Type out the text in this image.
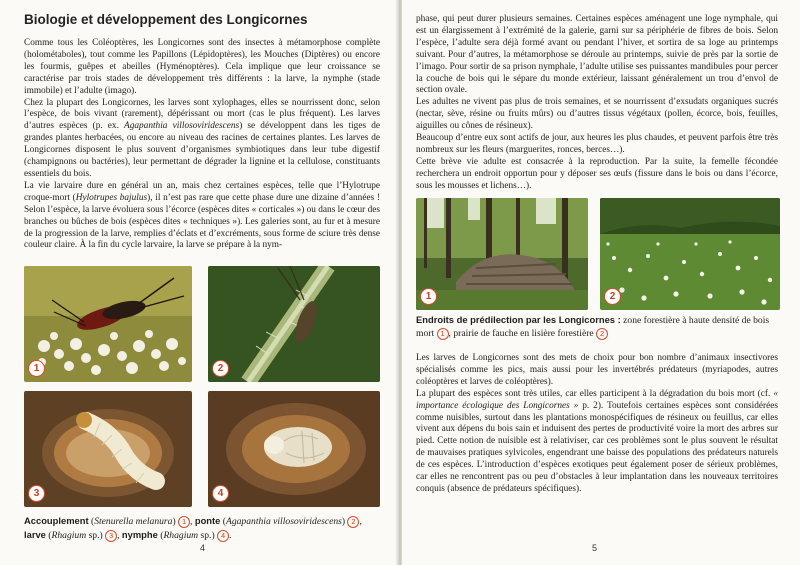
Biologie et développement des Longicornes

Comme tous les Coléoptères, les Longicornes sont des insectes à métamorphose complète (holométaboles), tout comme les Papillons (Lépidoptères), les Mouches (Diptères) ou encore les fourmis, guêpes et abeilles (Hyménoptères). Cela implique que leur croissance se caractérise par trois stades de développement très différents : la larve, la nymphe (stade immobile) et l’adulte (imago).

Chez la plupart des Longicornes, les larves sont xylophages, elles se nourrissent donc, selon l’espèce, de bois vivant (rarement), dépérissant ou mort (cas le plus fréquent). Les larves d’autres espèces (p. ex. Agapanthia villosoviridescens) se développent dans les tiges de grandes plantes herbacées, ou encore au niveau des racines de certaines plantes. Les larves de Longicornes disposent le plus souvent d’organismes symbiotiques dans leur tube digestif (champignons ou bactéries), leur permettant de dégrader la lignine et la cellulose, constituants essentiels du bois.

La vie larvaire dure en général un an, mais chez certaines espèces, telle que l’Hylotrupe croque-mort (Hylotrupes bajulus), il n’est pas rare que cette phase dure une dizaine d’années ! Selon l’espèce, la larve évoluera sous l’écorce (espèces dites « corticales ») ou dans le cœur des branches ou bûches de bois (espèces dites « techniques »). Les galeries sont, au fur et à mesure de la progression de la larve, remplies d’éclats et d’excréments, sous forme de sciure très dense couleur claire. À la fin du cycle larvaire, la larve se prépare à la nym-

1	2
3	4
Accouplement (Stenurella melanura) 1 , ponte (Agapanthia villosoviridescens) 2 , larve (Rhagium sp.) 3 , nymphe (Rhagium sp.) 4 .
4

phase, qui peut durer plusieurs semaines. Certaines espèces aménagent une loge nymphale, qui est un élargissement à l’extrémité de la galerie, garni sur sa périphérie de fibres de bois. Selon l’espèce, l’adulte sera déjà formé avant ou pendant l’hiver, et sortira de sa loge au printemps suivant. Pour d’autres, la métamorphose se déroule au printemps, suivie de près par la sortie de l’imago. Pour sortir de sa prison nymphale, l’adulte utilise ses puissantes mandibules pour percer la couche de bois qui le sépare du monde extérieur, laissant généralement un trou d’envol de section ovale.

Les adultes ne vivent pas plus de trois semaines, et se nourrissent d’exsudats organiques sucrés (nectar, sève, résine ou fruits mûrs) ou d’autres tissus végétaux (pollen, écorce, bois, feuilles, aiguilles ou cônes de résineux).

Beaucoup d’entre eux sont actifs de jour, aux heures les plus chaudes, et peuvent parfois être très nombreux sur les fleurs (marguerites, ronces, berces…).

Cette brève vie adulte est consacrée à la reproduction. Par la suite, la femelle fécondée recherchera un endroit opportun pour y déposer ses œufs (fissure dans le bois ou dans l’écorce, sous les mousses et lichens…).

1	2
Endroits de prédilection par les Longicornes : zone forestière à haute densité de bois mort 1 , prairie de fauche en lisière forestière 2

Les larves de Longicornes sont des mets de choix pour bon nombre d’animaux insectivores spécialisés comme les pics, mais aussi pour les invertébrés prédateurs (myriapodes, autres coléoptères et larves de coléoptères).

La plupart des espèces sont très utiles, car elles participent à la dégradation du bois mort (cf. « importance écologique des Longicornes » p. 2). Toutefois certaines espèces sont considérées comme nuisibles, surtout dans les plantations monospécifiques de résineux ou feuillus, car elles vivent aux dépens du bois sain et induisent des pertes de productivité voire la mort des arbres sur pied. Cette notion de nuisible est à relativiser, car ces problèmes sont le plus souvent le résultat de mauvaises pratiques sylvicoles, engendrant une baisse des populations des prédateurs naturels de ces espèces. L’introduction d’espèces exotiques peut également poser de sérieux problèmes, car elles ne rencontrent pas ou peu d’obstacles à leur implantation dans les nouveaux territoires conquis (absence de prédateurs spécifiques).

5
